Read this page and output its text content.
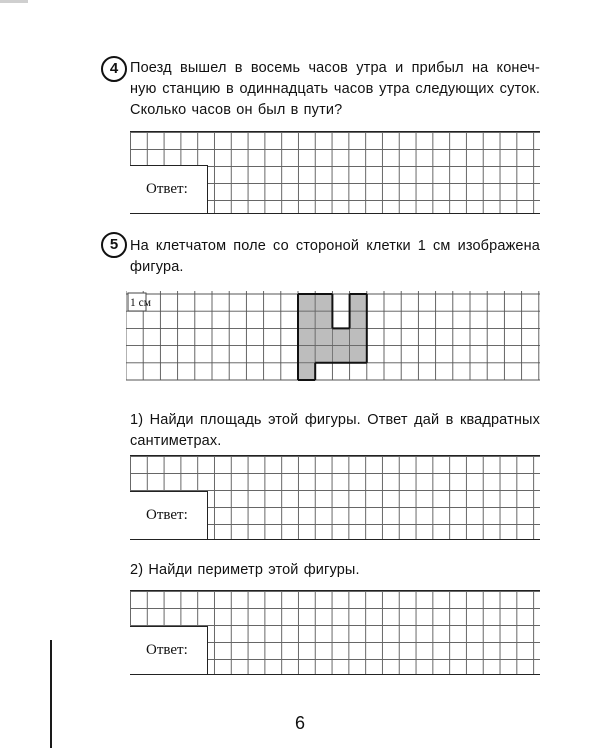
4 Поезд вышел в восемь часов утра и прибыл на конеч-
ную станцию в одиннадцать часов утра следующих суток.
Сколько часов он был в пути?
Ответ:
5 На клетчатом поле со стороной клетки 1 см изображена
фигура.
1 см
1) Найди площадь этой фигуры. Ответ дай в квадратных
сантиметрах.
Ответ:
2) Найди периметр этой фигуры.
Ответ:
6
